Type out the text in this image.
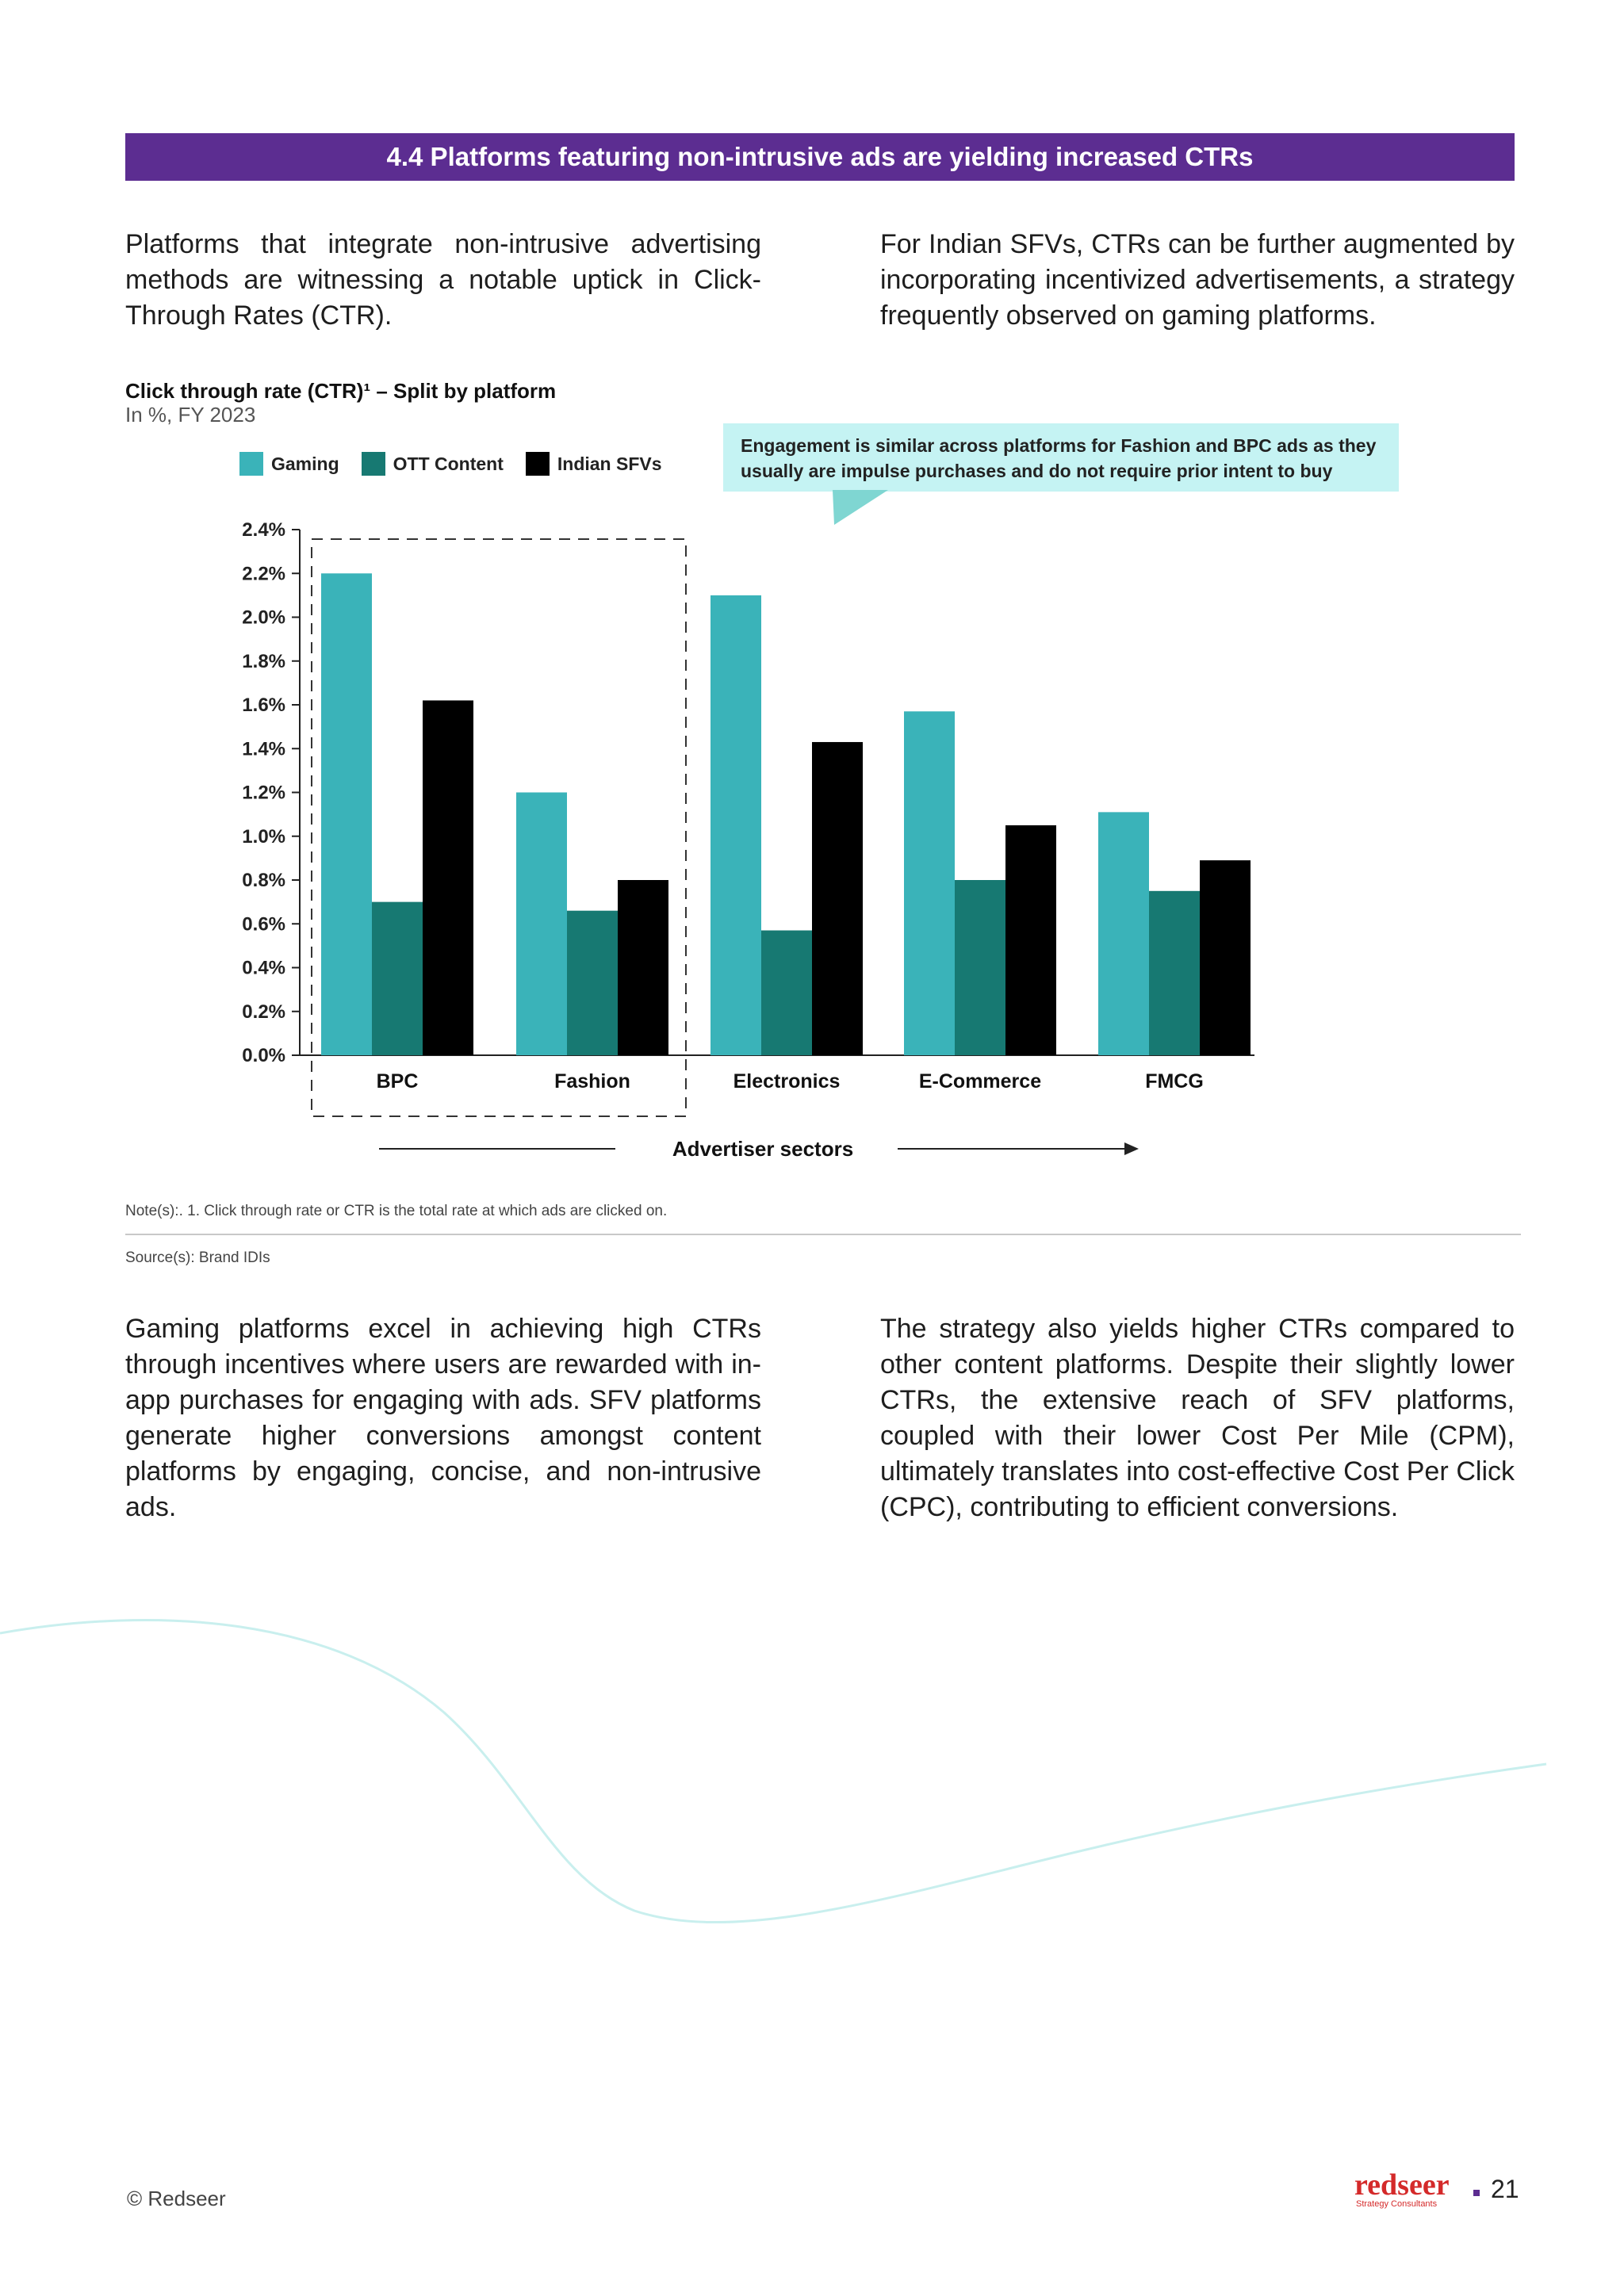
4.4 Platforms featuring non-intrusive ads are yielding increased CTRs
Platforms that integrate non-intrusive advertising methods are witnessing a notable uptick in Click-Through Rates (CTR).
For Indian SFVs, CTRs can be further augmented by incorporating incentivized advertisements, a strategy frequently observed on gaming platforms.
Click through rate (CTR)¹ – Split by platform
In %, FY 2023
Gaming	OTT Content	Indian SFVs
Engagement is similar across platforms for Fashion and BPC ads as they usually are impulse purchases and do not require prior intent to buy
0.0%
0.2%
0.4%
0.6%
0.8%
1.0%
1.2%
1.4%
1.6%
1.8%
2.0%
2.2%
2.4%
BPC	Fashion	Electronics	E-Commerce	FMCG
Advertiser sectors
Note(s):. 1. Click through rate or CTR is the total rate at which ads are clicked on.
Source(s): Brand IDIs
Gaming platforms excel in achieving high CTRs through incentives where users are rewarded with in-app purchases for engaging with ads. SFV platforms generate higher conversions amongst content platforms by engaging, concise, and non-intrusive ads.
The strategy also yields higher CTRs compared to other content platforms. Despite their slightly lower CTRs, the extensive reach of SFV platforms, coupled with their lower Cost Per Mile (CPM), ultimately translates into cost-effective Cost Per Click (CPC), contributing to efficient conversions.
© Redseer	redseer
Strategy Consultants
21
